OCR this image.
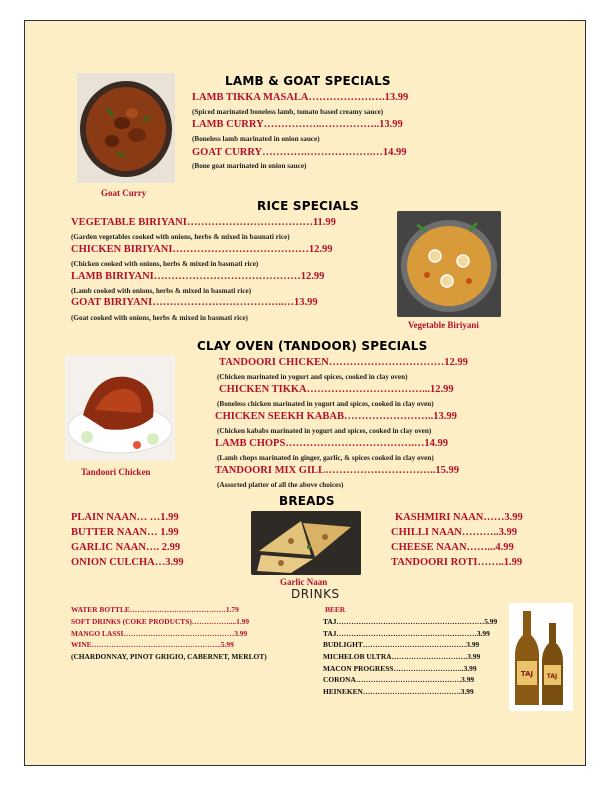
Goat Curry
LAMB & GOAT SPECIALS
LAMB TIKKA MASALA………………….13.99
(Spiced marinated boneless lamb, tomato based creamy sauce)
LAMB CURRY……………..……………..13.99
(Boneless lamb marinated in onion sauce)
GOAT CURRY………….……………….…14.99
(Bone goat marinated in onion sauce)
RICE SPECIALS
VEGETABLE BIRIYANI………………………………11.99
(Garden vegetables cooked with onions, herbs & mixed in basmati rice)
CHICKEN BIRIYANI…………………………………12.99
(Chicken cooked with onions, herbs & mixed in basmati rice)
LAMB BIRIYANI……………………………………12.99
(Lamb cooked with onions, herbs & mixed in basmati rice)
GOAT BIRIYANI………………………………..…13.99
(Goat cooked with onions, herbs & mixed in basmati rice)
Vegetable Biriyani
CLAY OVEN (TANDOOR) SPECIALS
Tandoori Chicken
TANDOORI CHICKEN……………………………12.99
(Chicken marinated in yogurt and spices, cooked in clay oven)
CHICKEN TIKKA……………………………...12.99
(Boneless chicken marinated in yogurt and spices, cooked in clay oven)
CHICKEN SEEKH KABAB……………………..13.99
(Chicken kababs marinated in yogurt and spices, cooked in clay oven)
LAMB CHOPS……………………………….…14.99
(Lamb chops marinated in ginger, garlic, & spices cooked in clay oven)
TANDOORI MIX GILL…………………………..15.99
(Assorted platter of all the above choices)
BREADS
PLAIN NAAN… …1.99
BUTTER NAAN… 1.99
GARLIC NAAN…. 2.99
ONION CULCHA…3.99
Garlic Naan
KASHMIRI NAAN……3.99
CHILLI NAAN………..3.99
CHEESE NAAN……...4.99
TANDOORI ROTI……..1.99
DRINKS
WATER BOTTLE…………………………………1.79
SOFT DRINKS (COKE PRODUCTS)……………....1.99
MANGO LASSI………………………………………3.99
WINE……………………………………………..5.99
(CHARDONNAY, PINOT GRIGIO, CABERNET, MERLOT)
BEER
TAJ……………………………………………………5.99
TAJ…………………………………………………3.99
BUDLIGHT……………………………………3.99
MICHELOB ULTRA………………………….3.99
MACON PROGRESS………………………..3.99
CORONA…………………………………….3.99
HEINEKEN………………………………….3.99
TAJ TAJ
